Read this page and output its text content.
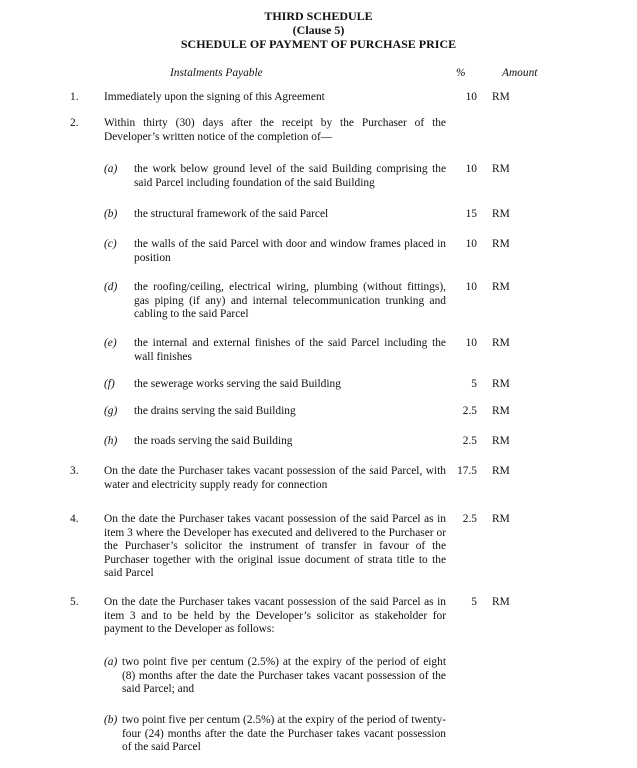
THIRD SCHEDULE
(Clause 5)
SCHEDULE OF PAYMENT OF PURCHASE PRICE
Instalments Payable	%	Amount
1. Immediately upon the signing of this Agreement	10 RM
2. Within thirty (30) days after the receipt by the Purchaser of the Developer’s written notice of the completion of—
(a) the work below ground level of the said Building comprising the said Parcel including foundation of the said Building
10 RM
(b) the structural framework of the said Parcel	15 RM
(c) the walls of the said Parcel with door and window frames placed in position
10 RM
(d) the roofing/ceiling, electrical wiring, plumbing (without fittings), gas piping (if any) and internal telecommunication trunking and cabling to the said Parcel
10 RM
(e) the internal and external finishes of the said Parcel including the wall finishes
10 RM
(f) the sewerage works serving the said Building	5 RM
(g) the drains serving the said Building	2.5 RM
(h) the roads serving the said Building	2.5 RM
3. On the date the Purchaser takes vacant possession of the said Parcel, with water and electricity supply ready for connection
17.5 RM
4. On the date the Purchaser takes vacant possession of the said Parcel as in item 3 where the Developer has executed and delivered to the Purchaser or the Purchaser’s solicitor the instrument of transfer in favour of the Purchaser together with the original issue document of strata title to the said Parcel
2.5 RM
5. On the date the Purchaser takes vacant possession of the said Parcel as in item 3 and to be held by the Developer’s solicitor as stakeholder for payment to the Developer as follows:
5 RM
(a) two point five per centum (2.5%) at the expiry of the period of eight (8) months after the date the Purchaser takes vacant possession of the said Parcel; and
(b) two point five per centum (2.5%) at the expiry of the period of twenty-four (24) months after the date the Purchaser takes vacant possession of the said Parcel
